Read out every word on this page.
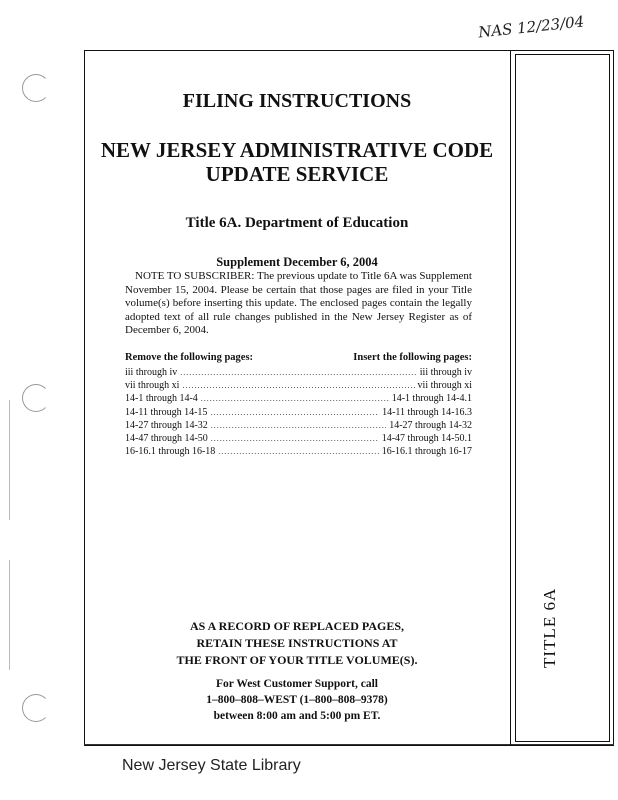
NAS 12/23/04
TITLE 6A
FILING INSTRUCTIONS
NEW JERSEY ADMINISTRATIVE CODE
UPDATE SERVICE
Title 6A. Department of Education
Supplement December 6, 2004
NOTE TO SUBSCRIBER: The previous update to Title 6A was Supplement November 15, 2004. Please be certain that those pages are filed in your Title volume(s) before inserting this update. The enclosed pages contain the legally adopted text of all rule changes published in the New Jersey Register as of December 6, 2004.
Remove the following pages:	Insert the following pages:
iii through iv .....	iii through iv
vii through xi .....	vii through xi
14-1 through 14-4 .....	14-1 through 14-4.1
14-11 through 14-15 .....	14-11 through 14-16.3
14-27 through 14-32 .....	14-27 through 14-32
14-47 through 14-50 .....	14-47 through 14-50.1
16-16.1 through 16-18 .....	16-16.1 through 16-17
AS A RECORD OF REPLACED PAGES,
RETAIN THESE INSTRUCTIONS AT
THE FRONT OF YOUR TITLE VOLUME(S).
For West Customer Support, call
1–800–808–WEST (1–800–808–9378)
between 8:00 am and 5:00 pm ET.
New Jersey State Library
